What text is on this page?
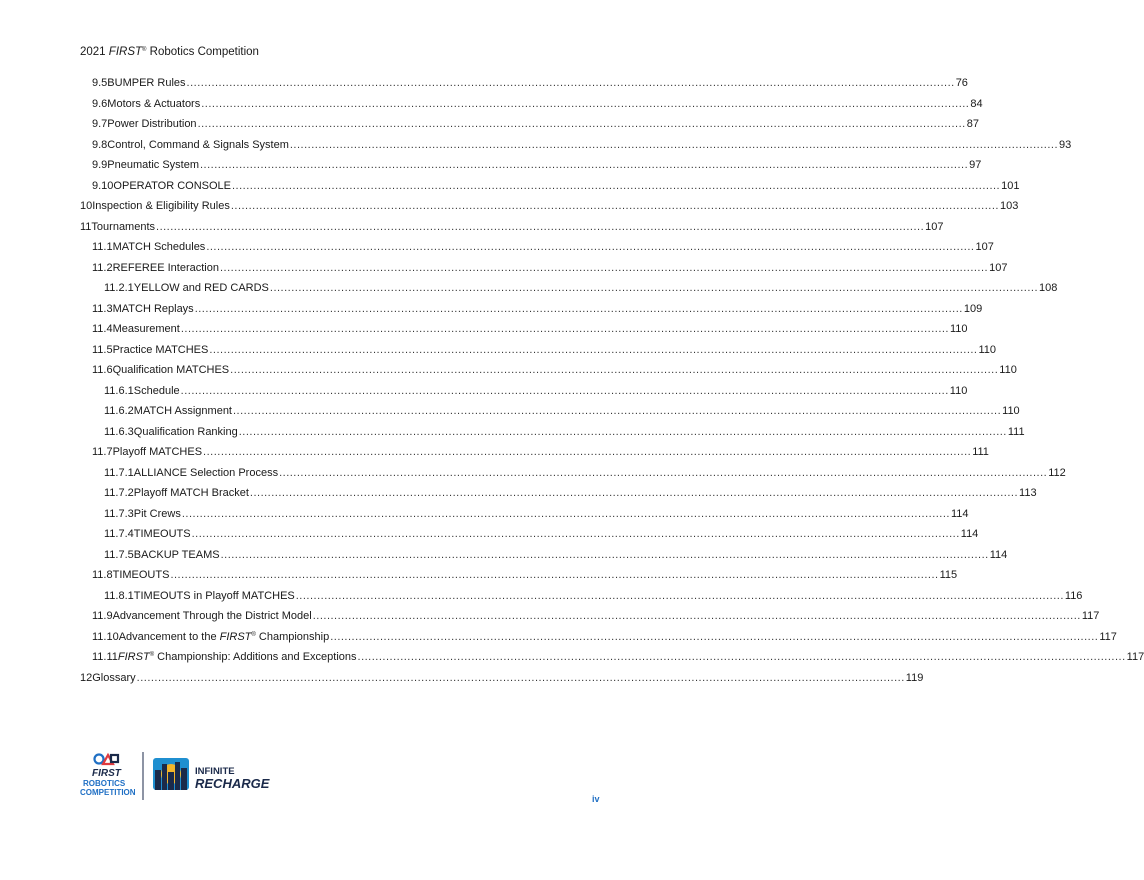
2021 FIRST® Robotics Competition
9.5 BUMPER Rules .....	76
9.6 Motors & Actuators .....	84
9.7 Power Distribution .....	87
9.8 Control, Command & Signals System .....	93
9.9 Pneumatic System .....	97
9.10 OPERATOR CONSOLE .....	101
10 Inspection & Eligibility Rules .....	103
11 Tournaments .....	107
11.1 MATCH Schedules .....	107
11.2 REFEREE Interaction .....	107
11.2.1 YELLOW and RED CARDS .....	108
11.3 MATCH Replays .....	109
11.4 Measurement .....	110
11.5 Practice MATCHES .....	110
11.6 Qualification MATCHES .....	110
11.6.1 Schedule .....	110
11.6.2 MATCH Assignment .....	110
11.6.3 Qualification Ranking .....	111
11.7 Playoff MATCHES .....	111
11.7.1 ALLIANCE Selection Process .....	112
11.7.2 Playoff MATCH Bracket .....	113
11.7.3 Pit Crews .....	114
11.7.4 TIMEOUTS .....	114
11.7.5 BACKUP TEAMS .....	114
11.8 TIMEOUTS .....	115
11.8.1 TIMEOUTS in Playoff MATCHES .....	116
11.9 Advancement Through the District Model .....	117
11.10 Advancement to the FIRST® Championship .....	117
11.11 FIRST® Championship: Additions and Exceptions .....	117
12 Glossary .....	119
FIRST
ROBOTICS
COMPETITION
INFINITE
RECHARGE
iv
